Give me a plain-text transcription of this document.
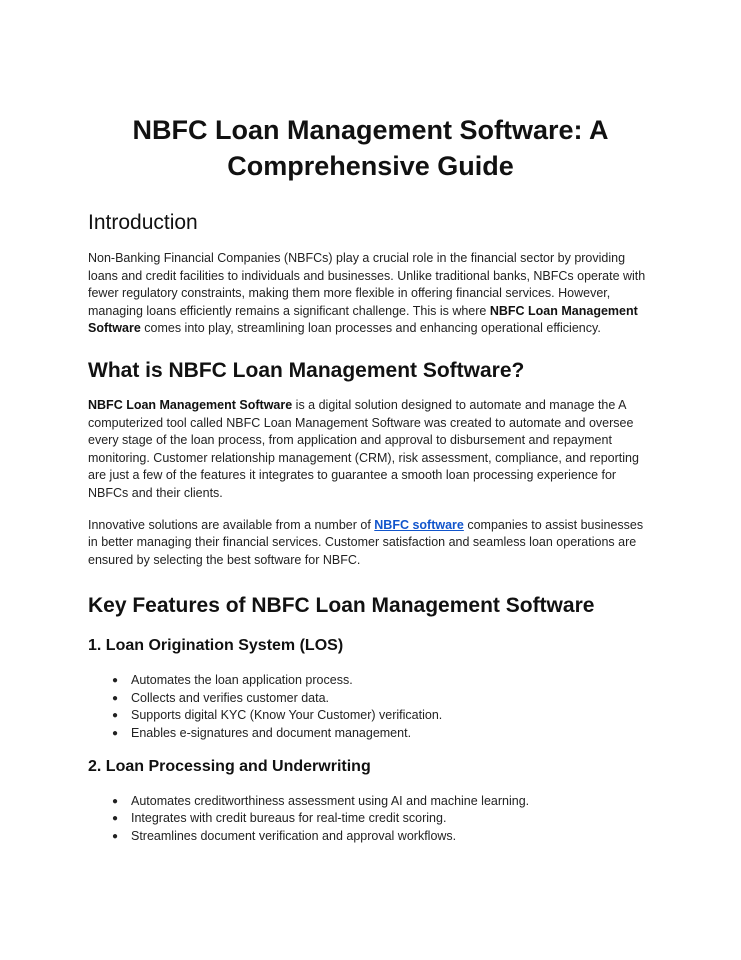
NBFC Loan Management Software: A
Comprehensive Guide
Introduction

Non-Banking Financial Companies (NBFCs) play a crucial role in the financial sector by providing loans and credit facilities to individuals and businesses. Unlike traditional banks, NBFCs operate with fewer regulatory constraints, making them more flexible in offering financial services. However, managing loans efficiently remains a significant challenge. This is where NBFC Loan Management Software comes into play, streamlining loan processes and enhancing operational efficiency.

What is NBFC Loan Management Software?

NBFC Loan Management Software is a digital solution designed to automate and manage the A computerized tool called NBFC Loan Management Software was created to automate and oversee every stage of the loan process, from application and approval to disbursement and repayment monitoring. Customer relationship management (CRM), risk assessment, compliance, and reporting are just a few of the features it integrates to guarantee a smooth loan processing experience for NBFCs and their clients.

Innovative solutions are available from a number of NBFC software companies to assist businesses in better managing their financial services. Customer satisfaction and seamless loan operations are ensured by selecting the best software for NBFC.

Key Features of NBFC Loan Management Software
1. Loan Origination System (LOS)
● Automates the loan application process.
● Collects and verifies customer data.
● Supports digital KYC (Know Your Customer) verification.
● Enables e-signatures and document management.
2. Loan Processing and Underwriting
● Automates creditworthiness assessment using AI and machine learning.
● Integrates with credit bureaus for real-time credit scoring.
● Streamlines document verification and approval workflows.
